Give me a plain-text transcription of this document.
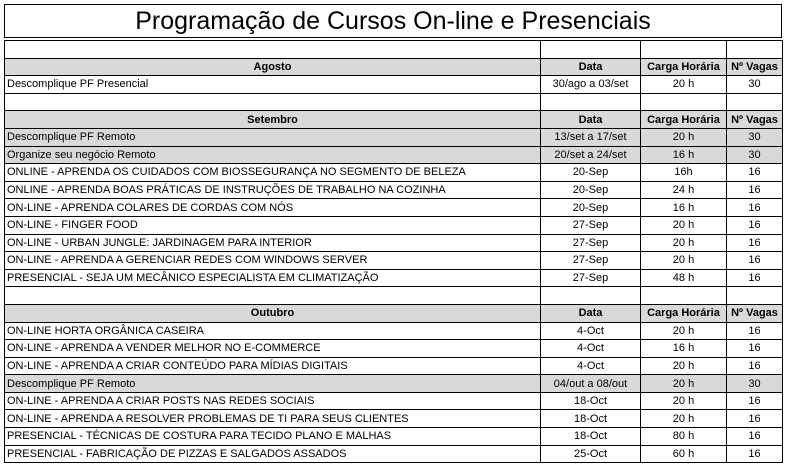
Programação de Cursos On-line e Presenciais

Agosto	Data	Carga Horária	Nº Vagas
Descomplique PF Presencial	30/ago a 03/set	20 h	30

Setembro	Data	Carga Horária	Nº Vagas
Descomplique PF Remoto	13/set a 17/set	20 h	30
Organize seu negócio Remoto	20/set a 24/set	16 h	30
ONLINE - APRENDA OS CUIDADOS COM BIOSSEGURANÇA NO SEGMENTO DE BELEZA	20-Sep	16h	16
ONLINE - APRENDA BOAS PRÁTICAS DE INSTRUÇÕES DE TRABALHO NA COZINHA	20-Sep	24 h	16
ON-LINE - APRENDA COLARES DE CORDAS COM NÓS	20-Sep	16 h	16
ON-LINE - FINGER FOOD	27-Sep	20 h	16
ON-LINE - URBAN JUNGLE: JARDINAGEM PARA INTERIOR	27-Sep	20 h	16
ON-LINE - APRENDA A GERENCIAR REDES COM WINDOWS SERVER	27-Sep	20 h	16
PRESENCIAL - SEJA UM MECÂNICO ESPECIALISTA EM CLIMATIZAÇÃO	27-Sep	48 h	16

Outubro	Data	Carga Horária	Nº Vagas
ON-LINE HORTA ORGÂNICA CASEIRA	4-Oct	20 h	16
ON-LINE - APRENDA A VENDER MELHOR NO E-COMMERCE	4-Oct	16 h	16
ON-LINE - APRENDA A CRIAR CONTEÚDO PARA MÍDIAS DIGITAIS	4-Oct	20 h	16
Descomplique PF Remoto	04/out a 08/out	20 h	30
ON-LINE - APRENDA A CRIAR POSTS NAS REDES SOCIAIS	18-Oct	20 h	16
ON-LINE - APRENDA A RESOLVER PROBLEMAS DE TI PARA SEUS CLIENTES	18-Oct	20 h	16
PRESENCIAL - TÉCNICAS DE COSTURA PARA TECIDO PLANO E MALHAS	18-Oct	80 h	16
PRESENCIAL - FABRICAÇÃO DE PIZZAS E SALGADOS ASSADOS	25-Oct	60 h	16
